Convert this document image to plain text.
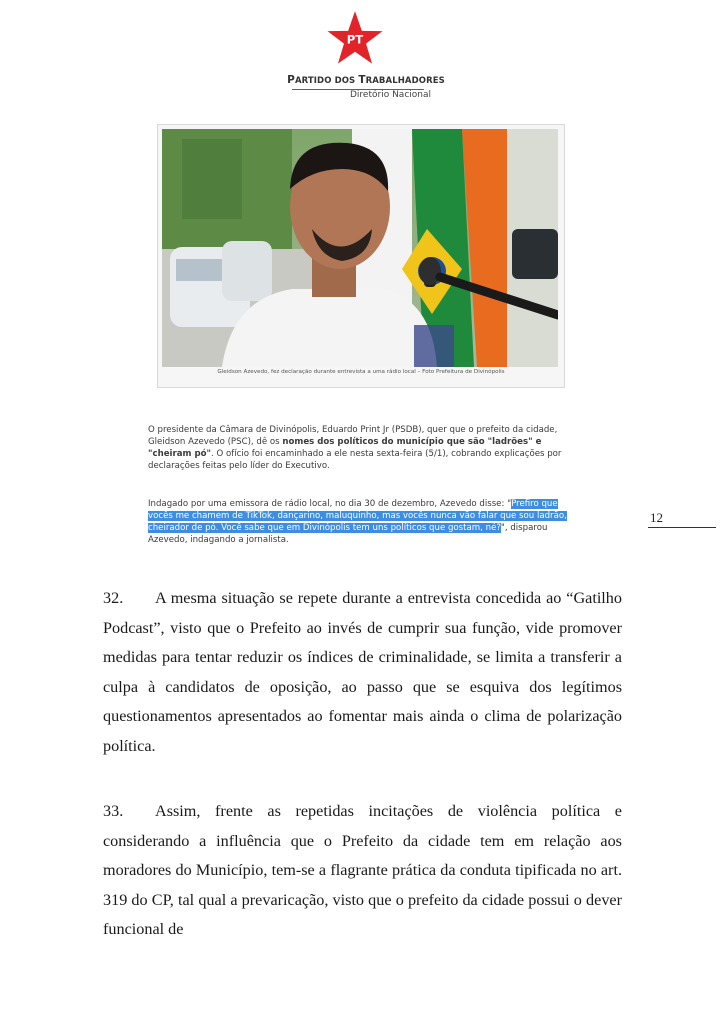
PT
PARTIDO DOS TRABALHADORES
Diretório Nacional
Gleidson Azevedo, fez declaração durante entrevista a uma rádio local – Foto Prefeitura de Divinópolis
O presidente da Câmara de Divinópolis, Eduardo Print Jr (PSDB), quer que o prefeito da cidade, Gleidson Azevedo (PSC), dê os nomes dos políticos do município que são "ladrões" e "cheiram pó". O ofício foi encaminhado a ele nesta sexta-feira (5/1), cobrando explicações por declarações feitas pelo líder do Executivo.
Indagado por uma emissora de rádio local, no dia 30 de dezembro, Azevedo disse: "Prefiro que vocês me chamem de TikTok, dançarino, maluquinho, mas vocês nunca vão falar que sou ladrão, cheirador de pó. Você sabe que em Divinópolis tem uns políticos que gostam, né?", disparou Azevedo, indagando a jornalista.
12
32. A mesma situação se repete durante a entrevista concedida ao “Gatilho Podcast”, visto que o Prefeito ao invés de cumprir sua função, vide promover medidas para tentar reduzir os índices de criminalidade, se limita a transferir a culpa à candidatos de oposição, ao passo que se esquiva dos legítimos questionamentos apresentados ao fomentar mais ainda o clima de polarização política.
33. Assim, frente as repetidas incitações de violência política e considerando a influência que o Prefeito da cidade tem em relação aos moradores do Município, tem-se a flagrante prática da conduta tipificada no art. 319 do CP, tal qual a prevaricação, visto que o prefeito da cidade possui o dever funcional de
